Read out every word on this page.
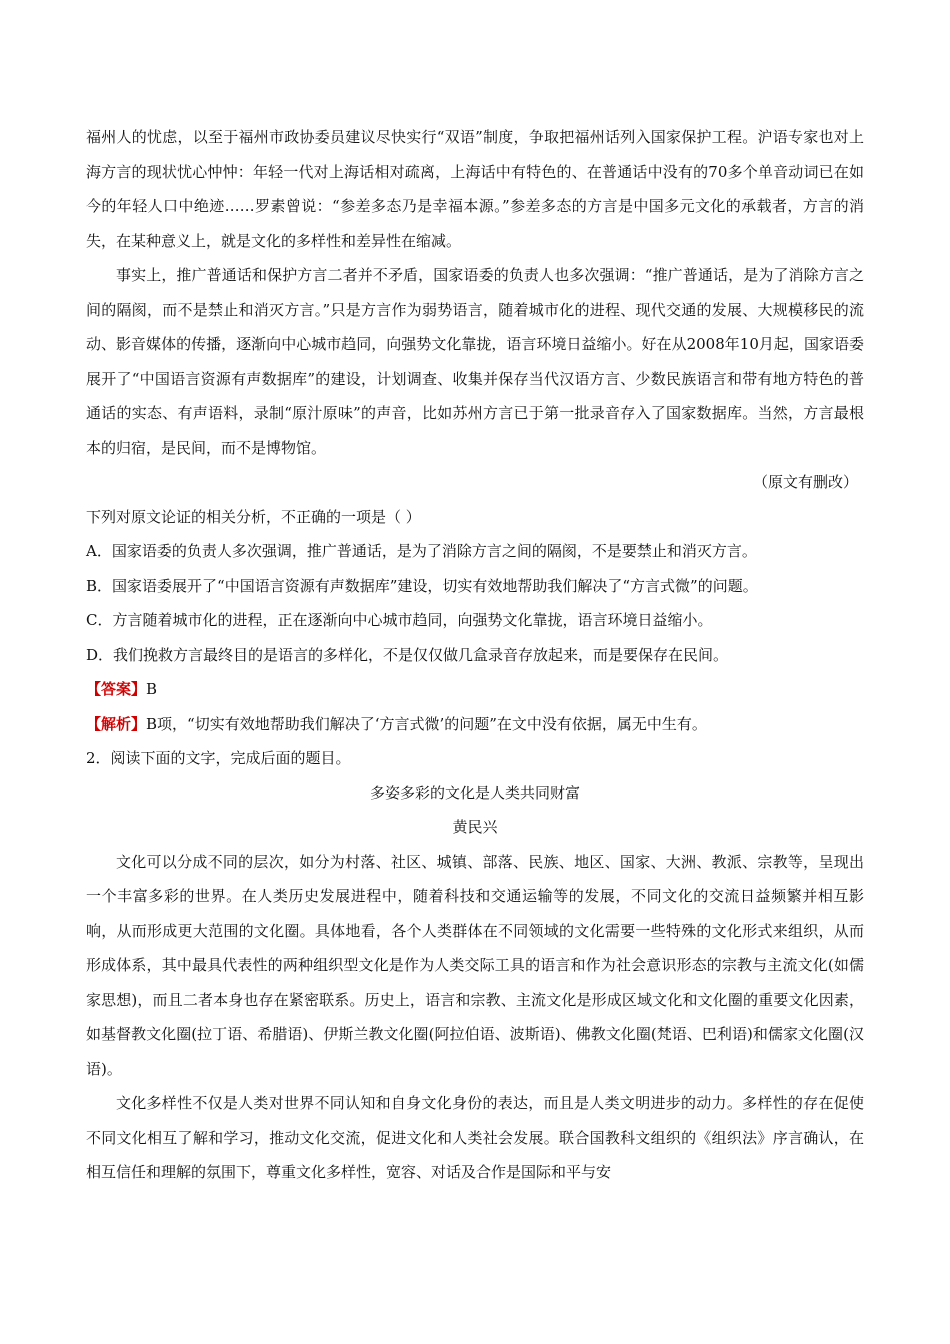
福州人的忧虑，以至于福州市政协委员建议尽快实行“双语”制度，争取把福州话列入国家保护工程。沪语专家也对上海方言的现状忧心忡忡：年轻一代对上海话相对疏离，上海话中有特色的、在普通话中没有的70多个单音动词已在如今的年轻人口中绝迹……罗素曾说：“参差多态乃是幸福本源。”参差多态的方言是中国多元文化的承载者，方言的消失，在某种意义上，就是文化的多样性和差异性在缩减。

事实上，推广普通话和保护方言二者并不矛盾，国家语委的负责人也多次强调：“推广普通话，是为了消除方言之间的隔阂，而不是禁止和消灭方言。”只是方言作为弱势语言，随着城市化的进程、现代交通的发展、大规模移民的流动、影音媒体的传播，逐渐向中心城市趋同，向强势文化靠拢，语言环境日益缩小。好在从2008年10月起，国家语委展开了“中国语言资源有声数据库”的建设，计划调查、收集并保存当代汉语方言、少数民族语言和带有地方特色的普通话的实态、有声语料，录制“原汁原味”的声音，比如苏州方言已于第一批录音存入了国家数据库。当然，方言最根本的归宿，是民间，而不是博物馆。

（原文有删改）

下列对原文论证的相关分析，不正确的一项是（ ）

A．国家语委的负责人多次强调，推广普通话，是为了消除方言之间的隔阂，不是要禁止和消灭方言。

B．国家语委展开了“中国语言资源有声数据库”建设，切实有效地帮助我们解决了“方言式微”的问题。

C．方言随着城市化的进程，正在逐渐向中心城市趋同，向强势文化靠拢，语言环境日益缩小。

D．我们挽救方言最终目的是语言的多样化，不是仅仅做几盒录音存放起来，而是要保存在民间。

【答案】B

【解析】B项，“切实有效地帮助我们解决了‘方言式微’的问题”在文中没有依据，属无中生有。

2．阅读下面的文字，完成后面的题目。

多姿多彩的文化是人类共同财富

黄民兴

文化可以分成不同的层次，如分为村落、社区、城镇、部落、民族、地区、国家、大洲、教派、宗教等，呈现出一个丰富多彩的世界。在人类历史发展进程中，随着科技和交通运输等的发展，不同文化的交流日益频繁并相互影响，从而形成更大范围的文化圈。具体地看，各个人类群体在不同领域的文化需要一些特殊的文化形式来组织，从而形成体系，其中最具代表性的两种组织型文化是作为人类交际工具的语言和作为社会意识形态的宗教与主流文化(如儒家思想)，而且二者本身也存在紧密联系。历史上，语言和宗教、主流文化是形成区域文化和文化圈的重要文化因素，如基督教文化圈(拉丁语、希腊语)、伊斯兰教文化圈(阿拉伯语、波斯语)、佛教文化圈(梵语、巴利语)和儒家文化圈(汉语)。

文化多样性不仅是人类对世界不同认知和自身文化身份的表达，而且是人类文明进步的动力。多样性的存在促使不同文化相互了解和学习，推动文化交流，促进文化和人类社会发展。联合国教科文组织的《组织法》序言确认，在相互信任和理解的氛围下，尊重文化多样性，宽容、对话及合作是国际和平与安
